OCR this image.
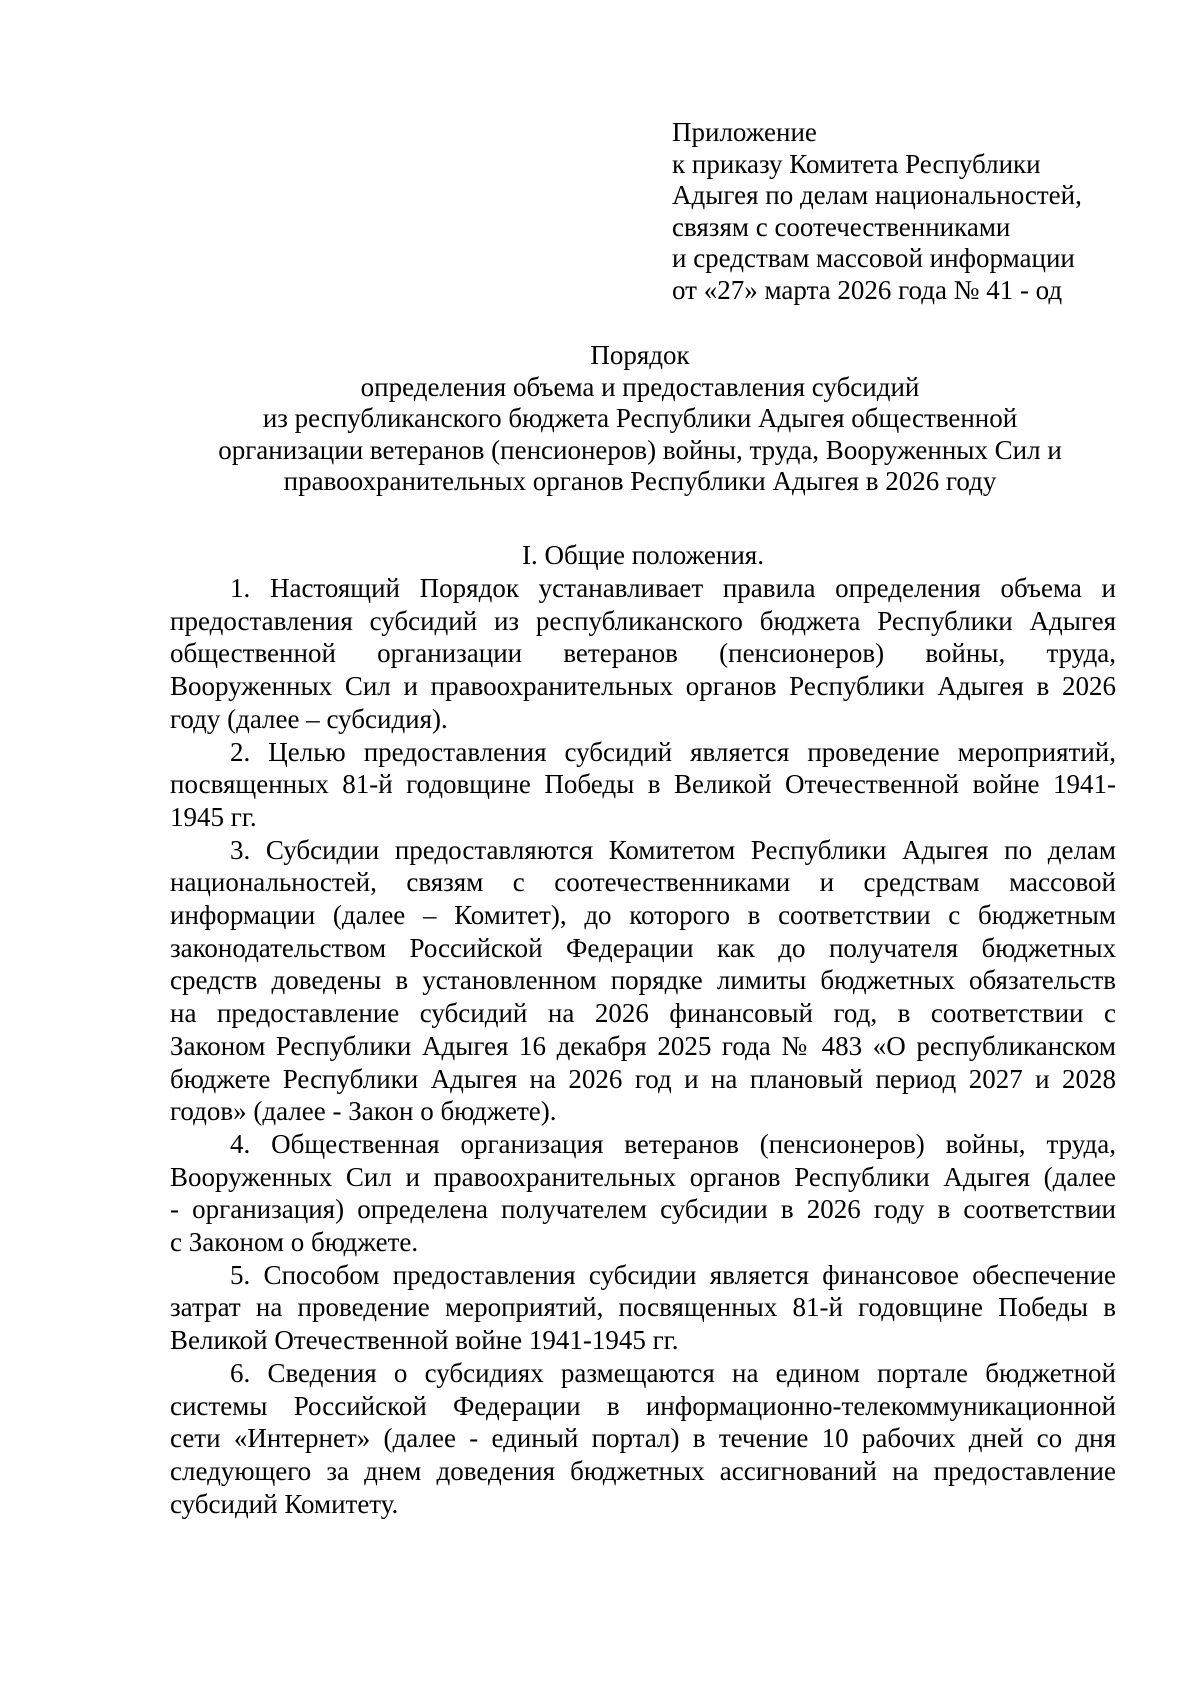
Приложение
к приказу Комитета Республики
Адыгея по делам национальностей,
связям с соотечественниками
и средствам массовой информации
от «27» марта 2026 года № 41 - од
Порядок
определения объема и предоставления субсидий
из республиканского бюджета Республики Адыгея общественной
организации ветеранов (пенсионеров) войны, труда, Вооруженных Сил и
правоохранительных органов Республики Адыгея в 2026 году
I. Общие положения.
1. Настоящий Порядок устанавливает правила определения объема и
предоставления субсидий из республиканского бюджета Республики Адыгея
общественной организации ветеранов (пенсионеров) войны, труда,
Вооруженных Сил и правоохранительных органов Республики Адыгея в 2026
году (далее – субсидия).
2. Целью предоставления субсидий является проведение мероприятий,
посвященных 81-й годовщине Победы в Великой Отечественной войне 1941-
1945 гг.
3. Субсидии предоставляются Комитетом Республики Адыгея по делам
национальностей, связям с соотечественниками и средствам массовой
информации (далее – Комитет), до которого в соответствии с бюджетным
законодательством Российской Федерации как до получателя бюджетных
средств доведены в установленном порядке лимиты бюджетных обязательств
на предоставление субсидий на 2026 финансовый год, в соответствии с
Законом Республики Адыгея 16 декабря 2025 года № 483 «О республиканском
бюджете Республики Адыгея на 2026 год и на плановый период 2027 и 2028
годов» (далее - Закон о бюджете).
4. Общественная организация ветеранов (пенсионеров) войны, труда,
Вооруженных Сил и правоохранительных органов Республики Адыгея (далее
- организация) определена получателем субсидии в 2026 году в соответствии
с Законом о бюджете.
5. Способом предоставления субсидии является финансовое обеспечение
затрат на проведение мероприятий, посвященных 81-й годовщине Победы в
Великой Отечественной войне 1941-1945 гг.
6. Сведения о субсидиях размещаются на едином портале бюджетной
системы Российской Федерации в информационно-телекоммуникационной
сети «Интернет» (далее - единый портал) в течение 10 рабочих дней со дня
следующего за днем доведения бюджетных ассигнований на предоставление
субсидий Комитету.
